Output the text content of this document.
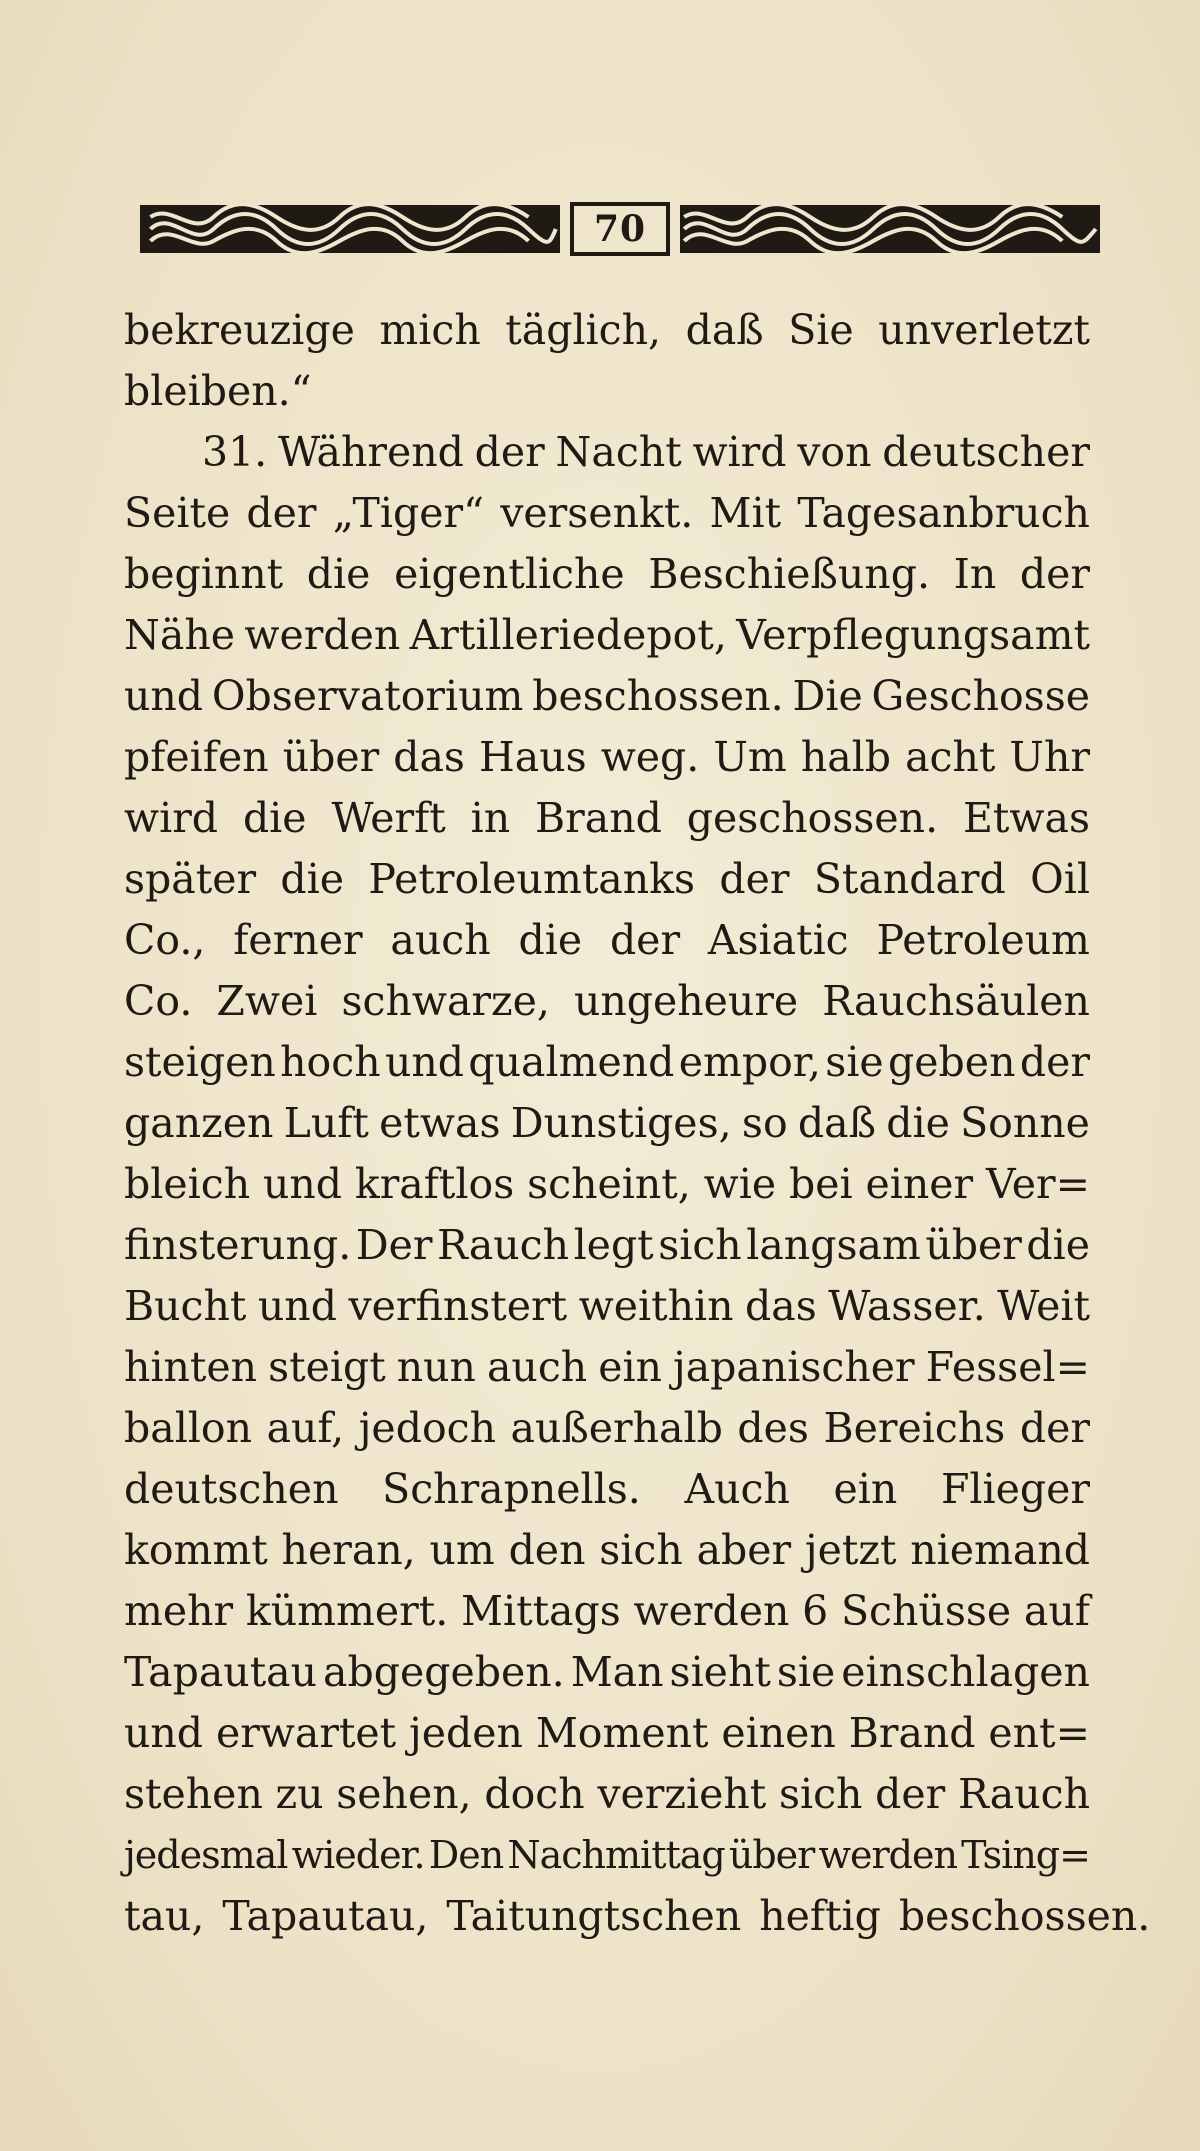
70
bekreuzige mich täglich, daß Sie unverletzt
bleiben.“
31. Während der Nacht wird von deutscher
Seite der „Tiger“ versenkt. Mit Tagesanbruch
beginnt die eigentliche Beschießung. In der
Nähe werden Artilleriedepot, Verpflegungsamt
und Observatorium beschossen. Die Geschosse
pfeifen über das Haus weg. Um halb acht Uhr
wird die Werft in Brand geschossen. Etwas
später die Petroleumtanks der Standard Oil
Co., ferner auch die der Asiatic Petroleum
Co. Zwei schwarze, ungeheure Rauchsäulen
steigen hoch und qualmend empor, sie geben der
ganzen Luft etwas Dunstiges, so daß die Sonne
bleich und kraftlos scheint, wie bei einer Ver=
finsterung. Der Rauch legt sich langsam über die
Bucht und verfinstert weithin das Wasser. Weit
hinten steigt nun auch ein japanischer Fessel=
ballon auf, jedoch außerhalb des Bereichs der
deutschen Schrapnells. Auch ein Flieger
kommt heran, um den sich aber jetzt niemand
mehr kümmert. Mittags werden 6 Schüsse auf
Tapautau abgegeben. Man sieht sie einschlagen
und erwartet jeden Moment einen Brand ent=
stehen zu sehen, doch verzieht sich der Rauch
jedesmal wieder. Den Nachmittag über werden Tsing=
tau, Tapautau, Taitungtschen heftig beschossen.
